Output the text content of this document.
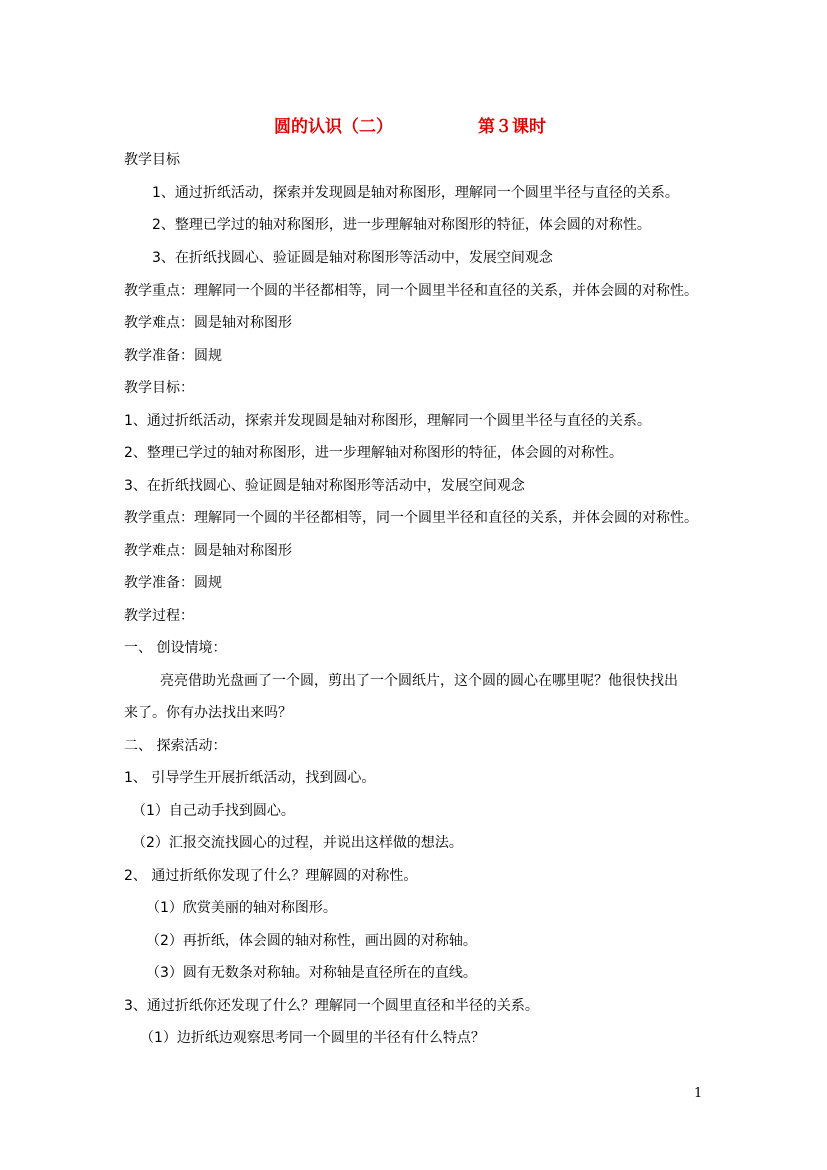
圆的认识（二）	第３课时
教学目标
1、通过折纸活动，探索并发现圆是轴对称图形，理解同一个圆里半径与直径的关系。
2、整理已学过的轴对称图形，进一步理解轴对称图形的特征，体会圆的对称性。
3、在折纸找圆心、验证圆是轴对称图形等活动中，发展空间观念
教学重点：理解同一个圆的半径都相等，同一个圆里半径和直径的关系，并体会圆的对称性。
教学难点：圆是轴对称图形
教学准备：圆规
教学目标：
1、通过折纸活动，探索并发现圆是轴对称图形，理解同一个圆里半径与直径的关系。
2、整理已学过的轴对称图形，进一步理解轴对称图形的特征，体会圆的对称性。
3、在折纸找圆心、验证圆是轴对称图形等活动中，发展空间观念
教学重点：理解同一个圆的半径都相等，同一个圆里半径和直径的关系，并体会圆的对称性。
教学难点：圆是轴对称图形
教学准备：圆规
教学过程：
一、 创设情境：
亮亮借助光盘画了一个圆，剪出了一个圆纸片，这个圆的圆心在哪里呢？他很快找出
来了。你有办法找出来吗？
二、 探索活动：
1、 引导学生开展折纸活动，找到圆心。
（1）自己动手找到圆心。
（2）汇报交流找圆心的过程，并说出这样做的想法。
2、 通过折纸你发现了什么？理解圆的对称性。
（1）欣赏美丽的轴对称图形。
（2）再折纸，体会圆的轴对称性，画出圆的对称轴。
（3）圆有无数条对称轴。对称轴是直径所在的直线。
3、通过折纸你还发现了什么？理解同一个圆里直径和半径的关系。
（1）边折纸边观察思考同一个圆里的半径有什么特点？
1
